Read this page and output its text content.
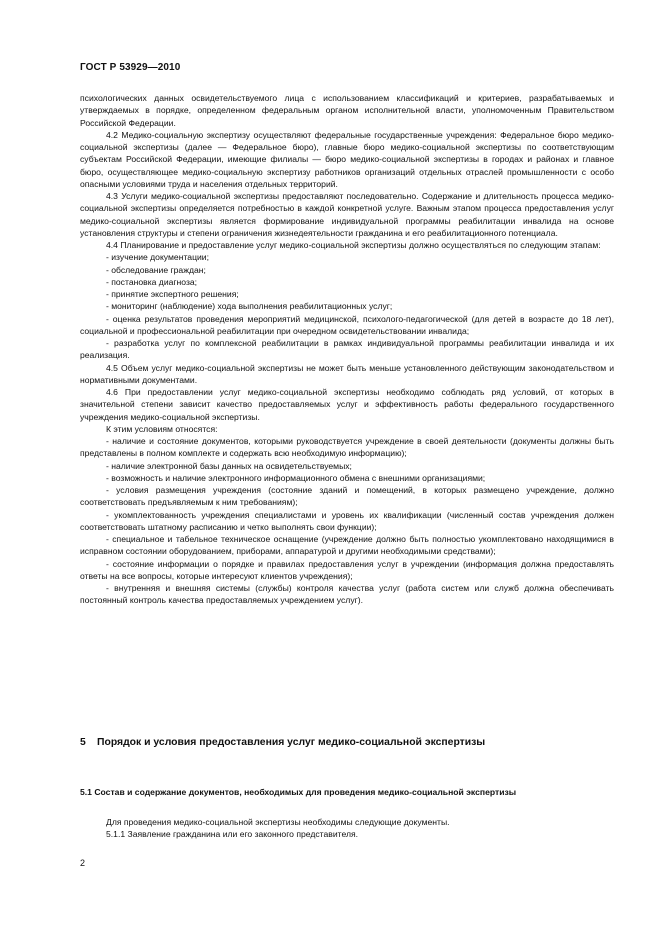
ГОСТ Р 53929—2010

психологических данных освидетельствуемого лица с использованием классификаций и критериев, разрабатываемых и утверждаемых в порядке, определенном федеральным органом исполнительной власти, уполномоченным Правительством Российской Федерации.

4.2 Медико-социальную экспертизу осуществляют федеральные государственные учреждения: Федеральное бюро медико-социальной экспертизы (далее — Федеральное бюро), главные бюро медико-социальной экспертизы по соответствующим субъектам Российской Федерации, имеющие филиалы — бюро медико-социальной экспертизы в городах и районах и главное бюро, осуществляющее медико-социальную экспертизу работников организаций отдельных отраслей промышленности с особо опасными условиями труда и населения отдельных территорий.

4.3 Услуги медико-социальной экспертизы предоставляют последовательно. Содержание и длительность процесса медико-социальной экспертизы определяется потребностью в каждой конкретной услуге. Важным этапом процесса предоставления услуг медико-социальной экспертизы является формирование индивидуальной программы реабилитации инвалида на основе установления структуры и степени ограничения жизнедеятельности гражданина и его реабилитационного потенциала.

4.4 Планирование и предоставление услуг медико-социальной экспертизы должно осуществляться по следующим этапам:

- изучение документации;

- обследование граждан;

- постановка диагноза;

- принятие экспертного решения;

- мониторинг (наблюдение) хода выполнения реабилитационных услуг;

- оценка результатов проведения мероприятий медицинской, психолого-педагогической (для детей в возрасте до 18 лет), социальной и профессиональной реабилитации при очередном освидетельствовании инвалида;

- разработка услуг по комплексной реабилитации в рамках индивидуальной программы реабилитации инвалида и их реализация.

4.5 Объем услуг медико-социальной экспертизы не может быть меньше установленного действующим законодательством и нормативными документами.

4.6 При предоставлении услуг медико-социальной экспертизы необходимо соблюдать ряд условий, от которых в значительной степени зависит качество предоставляемых услуг и эффективность работы федерального государственного учреждения медико-социальной экспертизы.

К этим условиям относятся:

- наличие и состояние документов, которыми руководствуется учреждение в своей деятельности (документы должны быть представлены в полном комплекте и содержать всю необходимую информацию);

- наличие электронной базы данных на освидетельствуемых;

- возможность и наличие электронного информационного обмена с внешними организациями;

- условия размещения учреждения (состояние зданий и помещений, в которых размещено учреждение, должно соответствовать предъявляемым к ним требованиям);

- укомплектованность учреждения специалистами и уровень их квалификации (численный состав учреждения должен соответствовать штатному расписанию и четко выполнять свои функции);

- специальное и табельное техническое оснащение (учреждение должно быть полностью укомплектовано находящимися в исправном состоянии оборудованием, приборами, аппаратурой и другими необходимыми средствами);

- состояние информации о порядке и правилах предоставления услуг в учреждении (информация должна предоставлять ответы на все вопросы, которые интересуют клиентов учреждения);

- внутренняя и внешняя системы (службы) контроля качества услуг (работа систем или служб должна обеспечивать постоянный контроль качества предоставляемых учреждением услуг).

5 Порядок и условия предоставления услуг медико-социальной экспертизы
5.1 Состав и содержание документов, необходимых для проведения медико-социальной экспертизы

Для проведения медико-социальной экспертизы необходимы следующие документы.

5.1.1 Заявление гражданина или его законного представителя.

2
